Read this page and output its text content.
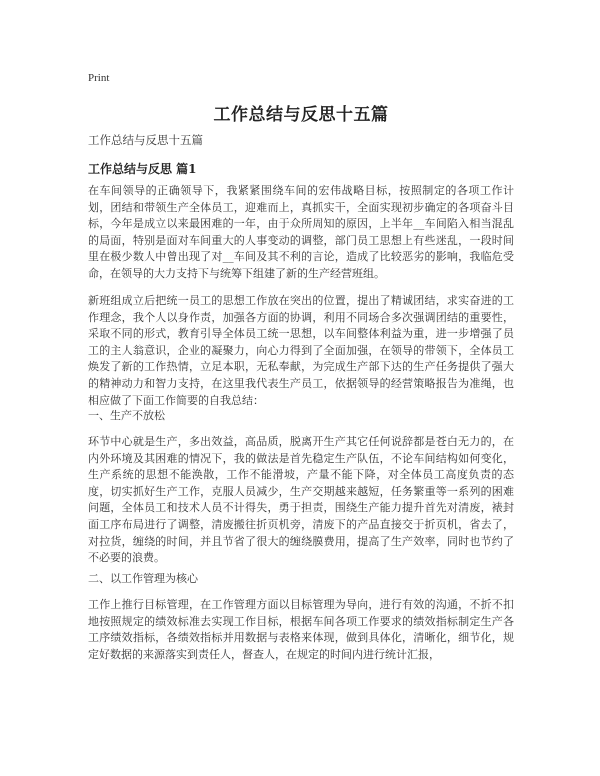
Print
工作总结与反思十五篇

工作总结与反思十五篇

工作总结与反思 篇1

在车间领导的正确领导下，我紧紧围绕车间的宏伟战略目标，按照制定的各项工作计划，团结和带领生产全体员工，迎难而上，真抓实干，全面实现初步确定的各项奋斗目标，今年是成立以来最困难的一年，由于众所周知的原因，上半年__车间陷入相当混乱的局面，特别是面对车间重大的人事变动的调整，部门员工思想上有些迷乱，一段时间里在极少数人中曾出现了对__车间及其不利的言论，造成了比较恶劣的影响，我临危受命，在领导的大力支持下与统筹下组建了新的生产经营班组。

新班组成立后把统一员工的思想工作放在突出的位置，提出了精诚团结，求实奋进的工作理念，我个人以身作责，加强各方面的协调，利用不同场合多次强调团结的重要性，采取不同的形式，教育引导全体员工统一思想，以车间整体利益为重，进一步增强了员工的主人翁意识，企业的凝聚力，向心力得到了全面加强，在领导的带领下，全体员工焕发了新的工作热情，立足本职，无私奉献，为完成生产部下达的生产任务提供了强大的精神动力和智力支持，在这里我代表生产员工，依据领导的经营策略报告为准绳，也相应做了下面工作简要的自我总结：

一、生产不放松

环节中心就是生产，多出效益，高品质，脱离开生产其它任何说辞都是苍白无力的，在内外环境及其困难的情况下，我的做法是首先稳定生产队伍，不论车间结构如何变化，生产系统的思想不能涣散，工作不能滑坡，产量不能下降，对全体员工高度负责的态度，切实抓好生产工作，克服人员减少，生产交期越来越短，任务繁重等一系列的困难问题，全体员工和技术人员不计得失，勇于担责，围绕生产能力提升首先对清废，裱封面工序布局进行了调整，清废搬往折页机旁，清废下的产品直接交于折页机，省去了，对拉货，缠绕的时间，并且节省了很大的缠绕膜费用，提高了生产效率，同时也节约了不必要的浪费。

二、以工作管理为核心

工作上推行目标管理，在工作管理方面以目标管理为导向，进行有效的沟通，不折不扣地按照规定的绩效标准去实现工作目标，根据车间各项工作要求的绩效指标制定生产各工序绩效指标，各绩效指标并用数据与表格来体现，做到具体化，清晰化，细节化，规定好数据的来源落实到责任人，督查人，在规定的时间内进行统计汇报，
